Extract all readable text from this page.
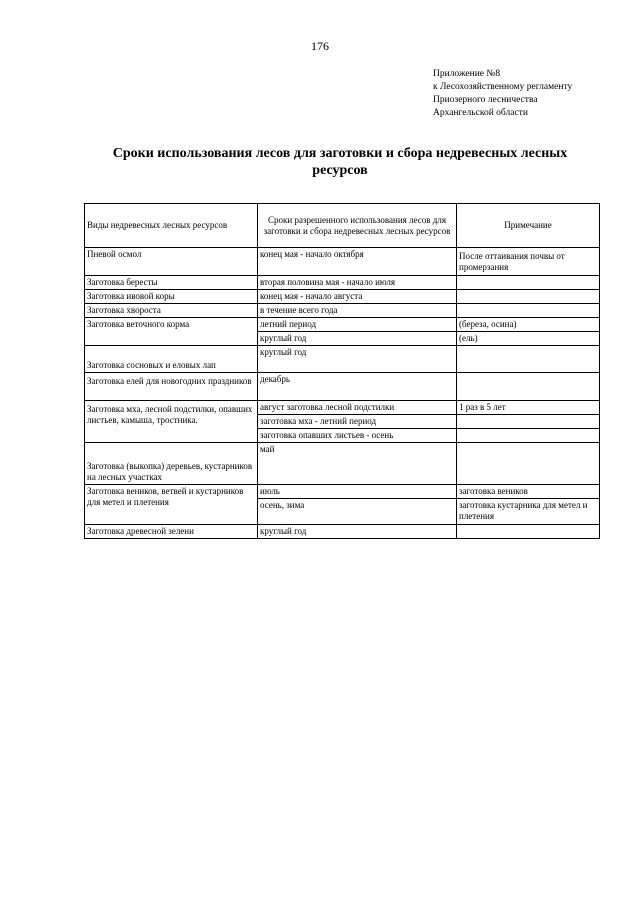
176
Приложение №8
к Лесохозяйственному регламенту
Приозерного лесничества
Архангельской области
Сроки использования лесов для заготовки и сбора недревесных лесных
ресурсов
Виды недревесных лесных ресурсов	Сроки разрешенного использования лесов для заготовки и сбора недревесных лесных ресурсов	Примечание
Пневой осмол	конец мая - начало октября	После оттаивания почвы от промерзания
Заготовка бересты	вторая половина мая - начало июля	
Заготовка ивовой коры	конец мая - начало августа	
Заготовка хвороста	в течение всего года	
Заготовка веточного корма	летний период	(береза, осина)
	круглый год	(ель)
Заготовка сосновых и еловых лап	круглый год	
Заготовка елей для новогодних праздников	декабрь	
Заготовка мха, лесной подстилки, опавших листьев, камыша, тростника.	август заготовка лесной подстилки	1 раз в 5 лет
	заготовка мха - летний период	
	заготовка опавших листьев - осень	
Заготовка (выкопка) деревьев, кустарников на лесных участках	май	
Заготовка веников, ветвей и кустарников для метел и плетения	июль	заготовка веников
	осень, зима	заготовка кустарника для метел и плетения
Заготовка древесной зелени	круглый год	
